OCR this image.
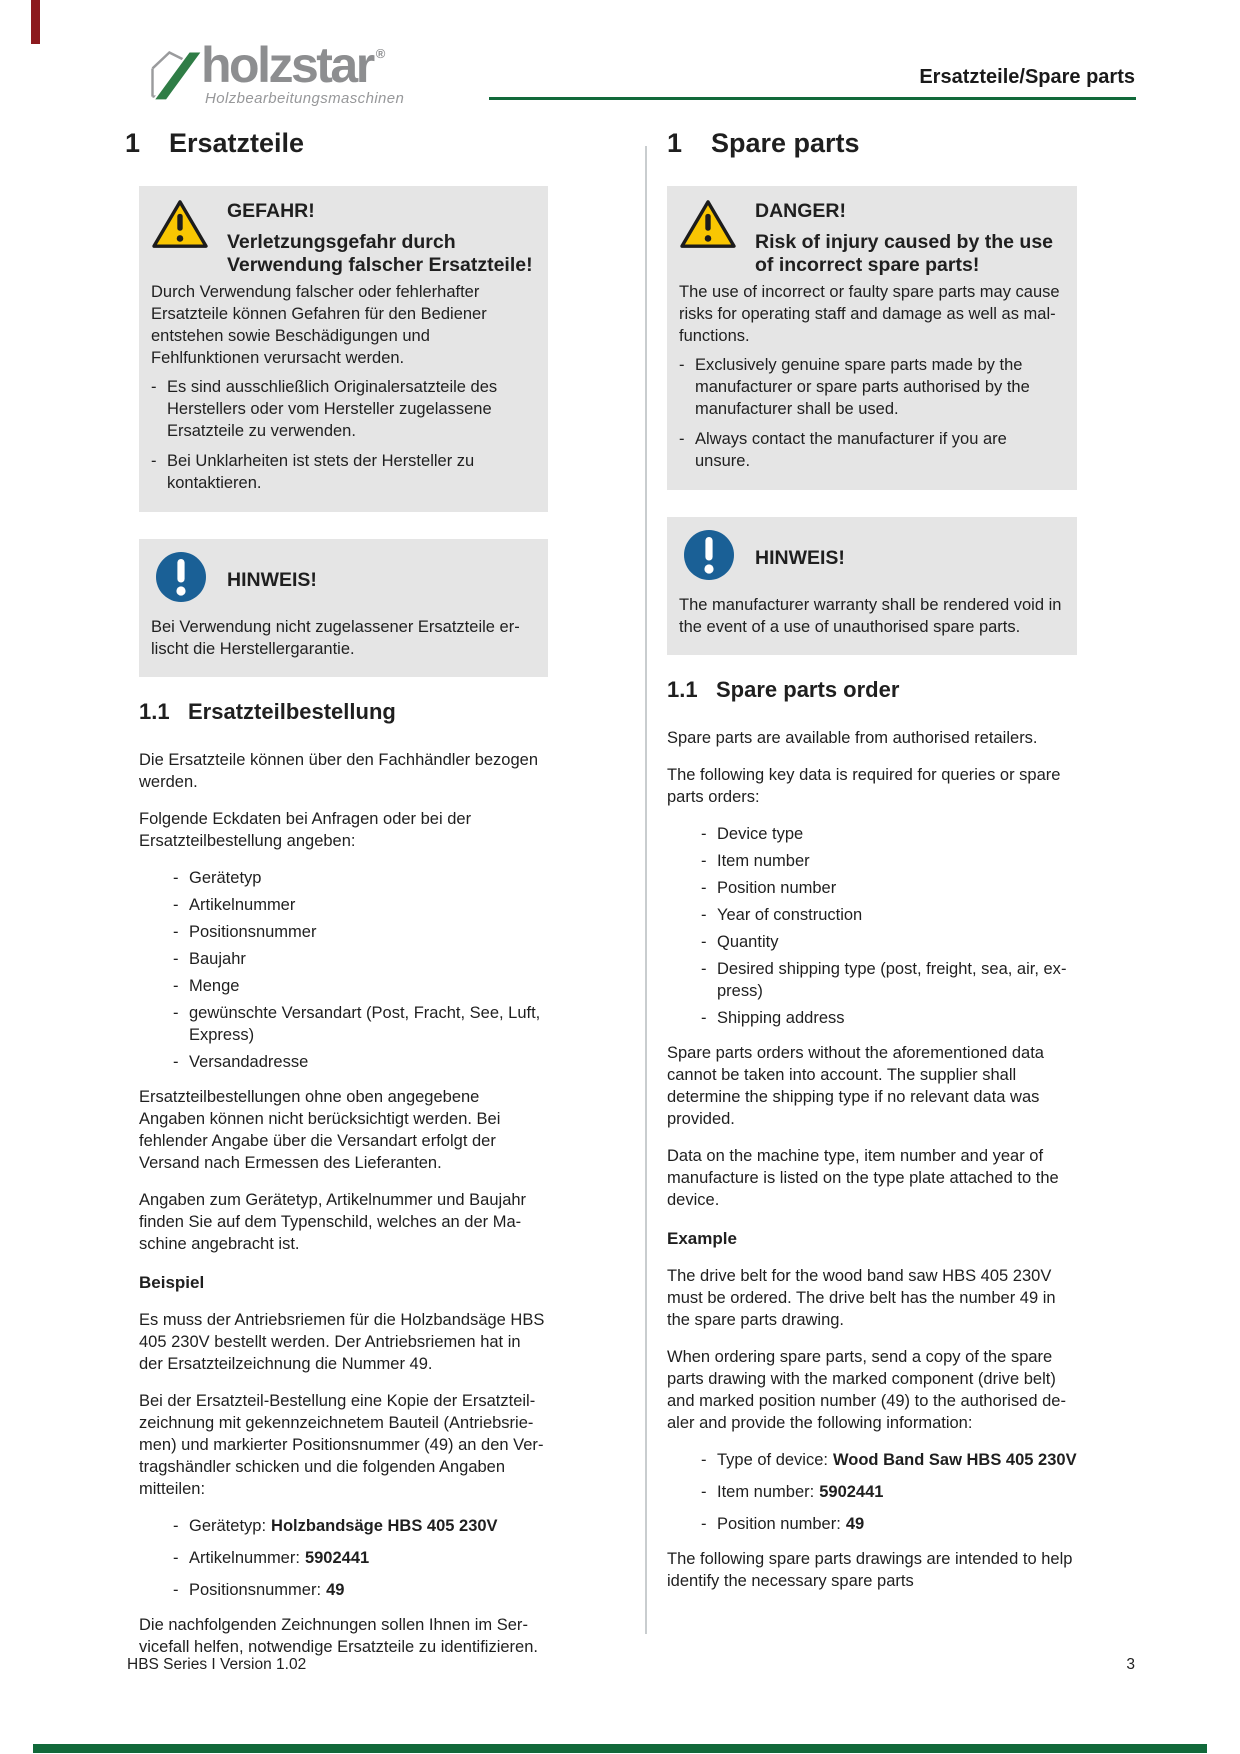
holzstar ®
Holzbearbeitungsmaschinen
Ersatzteile/Spare parts
1	Ersatzteile
GEFAHR!
Verletzungsgefahr durch Verwendung falscher Ersatzteile!

Durch Verwendung falscher oder fehlerhafter Ersatzteile können Gefahren für den Bediener entstehen sowie Beschädigungen und Fehlfunktionen verursacht werden.

- Es sind ausschließlich Originalersatzteile des Herstellers oder vom Hersteller zugelassene Ersatzteile zu verwenden.
- Bei Unklarheiten ist stets der Hersteller zu kontaktieren.
HINWEIS!

Bei Verwendung nicht zugelassener Ersatzteile erlischt die Herstellergarantie.

1.1 Ersatzteilbestellung

Die Ersatzteile können über den Fachhändler bezogen werden.

Folgende Eckdaten bei Anfragen oder bei der Ersatzteilbestellung angeben:

- Gerätetyp
- Artikelnummer
- Positionsnummer
- Baujahr
- Menge
- gewünschte Versandart (Post, Fracht, See, Luft, Express)
- Versandadresse

Ersatzteilbestellungen ohne oben angegebene Angaben können nicht berücksichtigt werden. Bei fehlender Angabe über die Versandart erfolgt der Versand nach Ermessen des Lieferanten.

Angaben zum Gerätetyp, Artikelnummer und Baujahr finden Sie auf dem Typenschild, welches an der Maschine angebracht ist.

Beispiel

Es muss der Antriebsriemen für die Holzbandsäge HBS 405 230V bestellt werden. Der Antriebsriemen hat in der Ersatzteilzeichnung die Nummer 49.

Bei der Ersatzteil-Bestellung eine Kopie der Ersatzteilzeichnung mit gekennzeichnetem Bauteil (Antriebsriemen) und markierter Positionsnummer (49) an den Vertragshändler schicken und die folgenden Angaben mitteilen:

- Gerätetyp: Holzbandsäge HBS 405 230V
- Artikelnummer: 5902441
- Positionsnummer: 49

Die nachfolgenden Zeichnungen sollen Ihnen im Servicefall helfen, notwendige Ersatzteile zu identifizieren.

1	Spare parts
DANGER!
Risk of injury caused by the use of incorrect spare parts!

The use of incorrect or faulty spare parts may cause risks for operating staff and damage as well as malfunctions.

- Exclusively genuine spare parts made by the manufacturer or spare parts authorised by the manufacturer shall be used.
- Always contact the manufacturer if you are unsure.
HINWEIS!

The manufacturer warranty shall be rendered void in the event of a use of unauthorised spare parts.

1.1 Spare parts order

Spare parts are available from authorised retailers.

The following key data is required for queries or spare parts orders:

- Device type
- Item number
- Position number
- Year of construction
- Quantity
- Desired shipping type (post, freight, sea, air, express)
- Shipping address

Spare parts orders without the aforementioned data cannot be taken into account. The supplier shall determine the shipping type if no relevant data was provided.

Data on the machine type, item number and year of manufacture is listed on the type plate attached to the device.

Example

The drive belt for the wood band saw HBS 405 230V must be ordered. The drive belt has the number 49 in the spare parts drawing.

When ordering spare parts, send a copy of the spare parts drawing with the marked component (drive belt) and marked position number (49) to the authorised dealer and provide the following information:

- Type of device: Wood Band Saw HBS 405 230V
- Item number: 5902441
- Position number: 49

The following spare parts drawings are intended to help identify the necessary spare parts

HBS Series I Version 1.02	3
